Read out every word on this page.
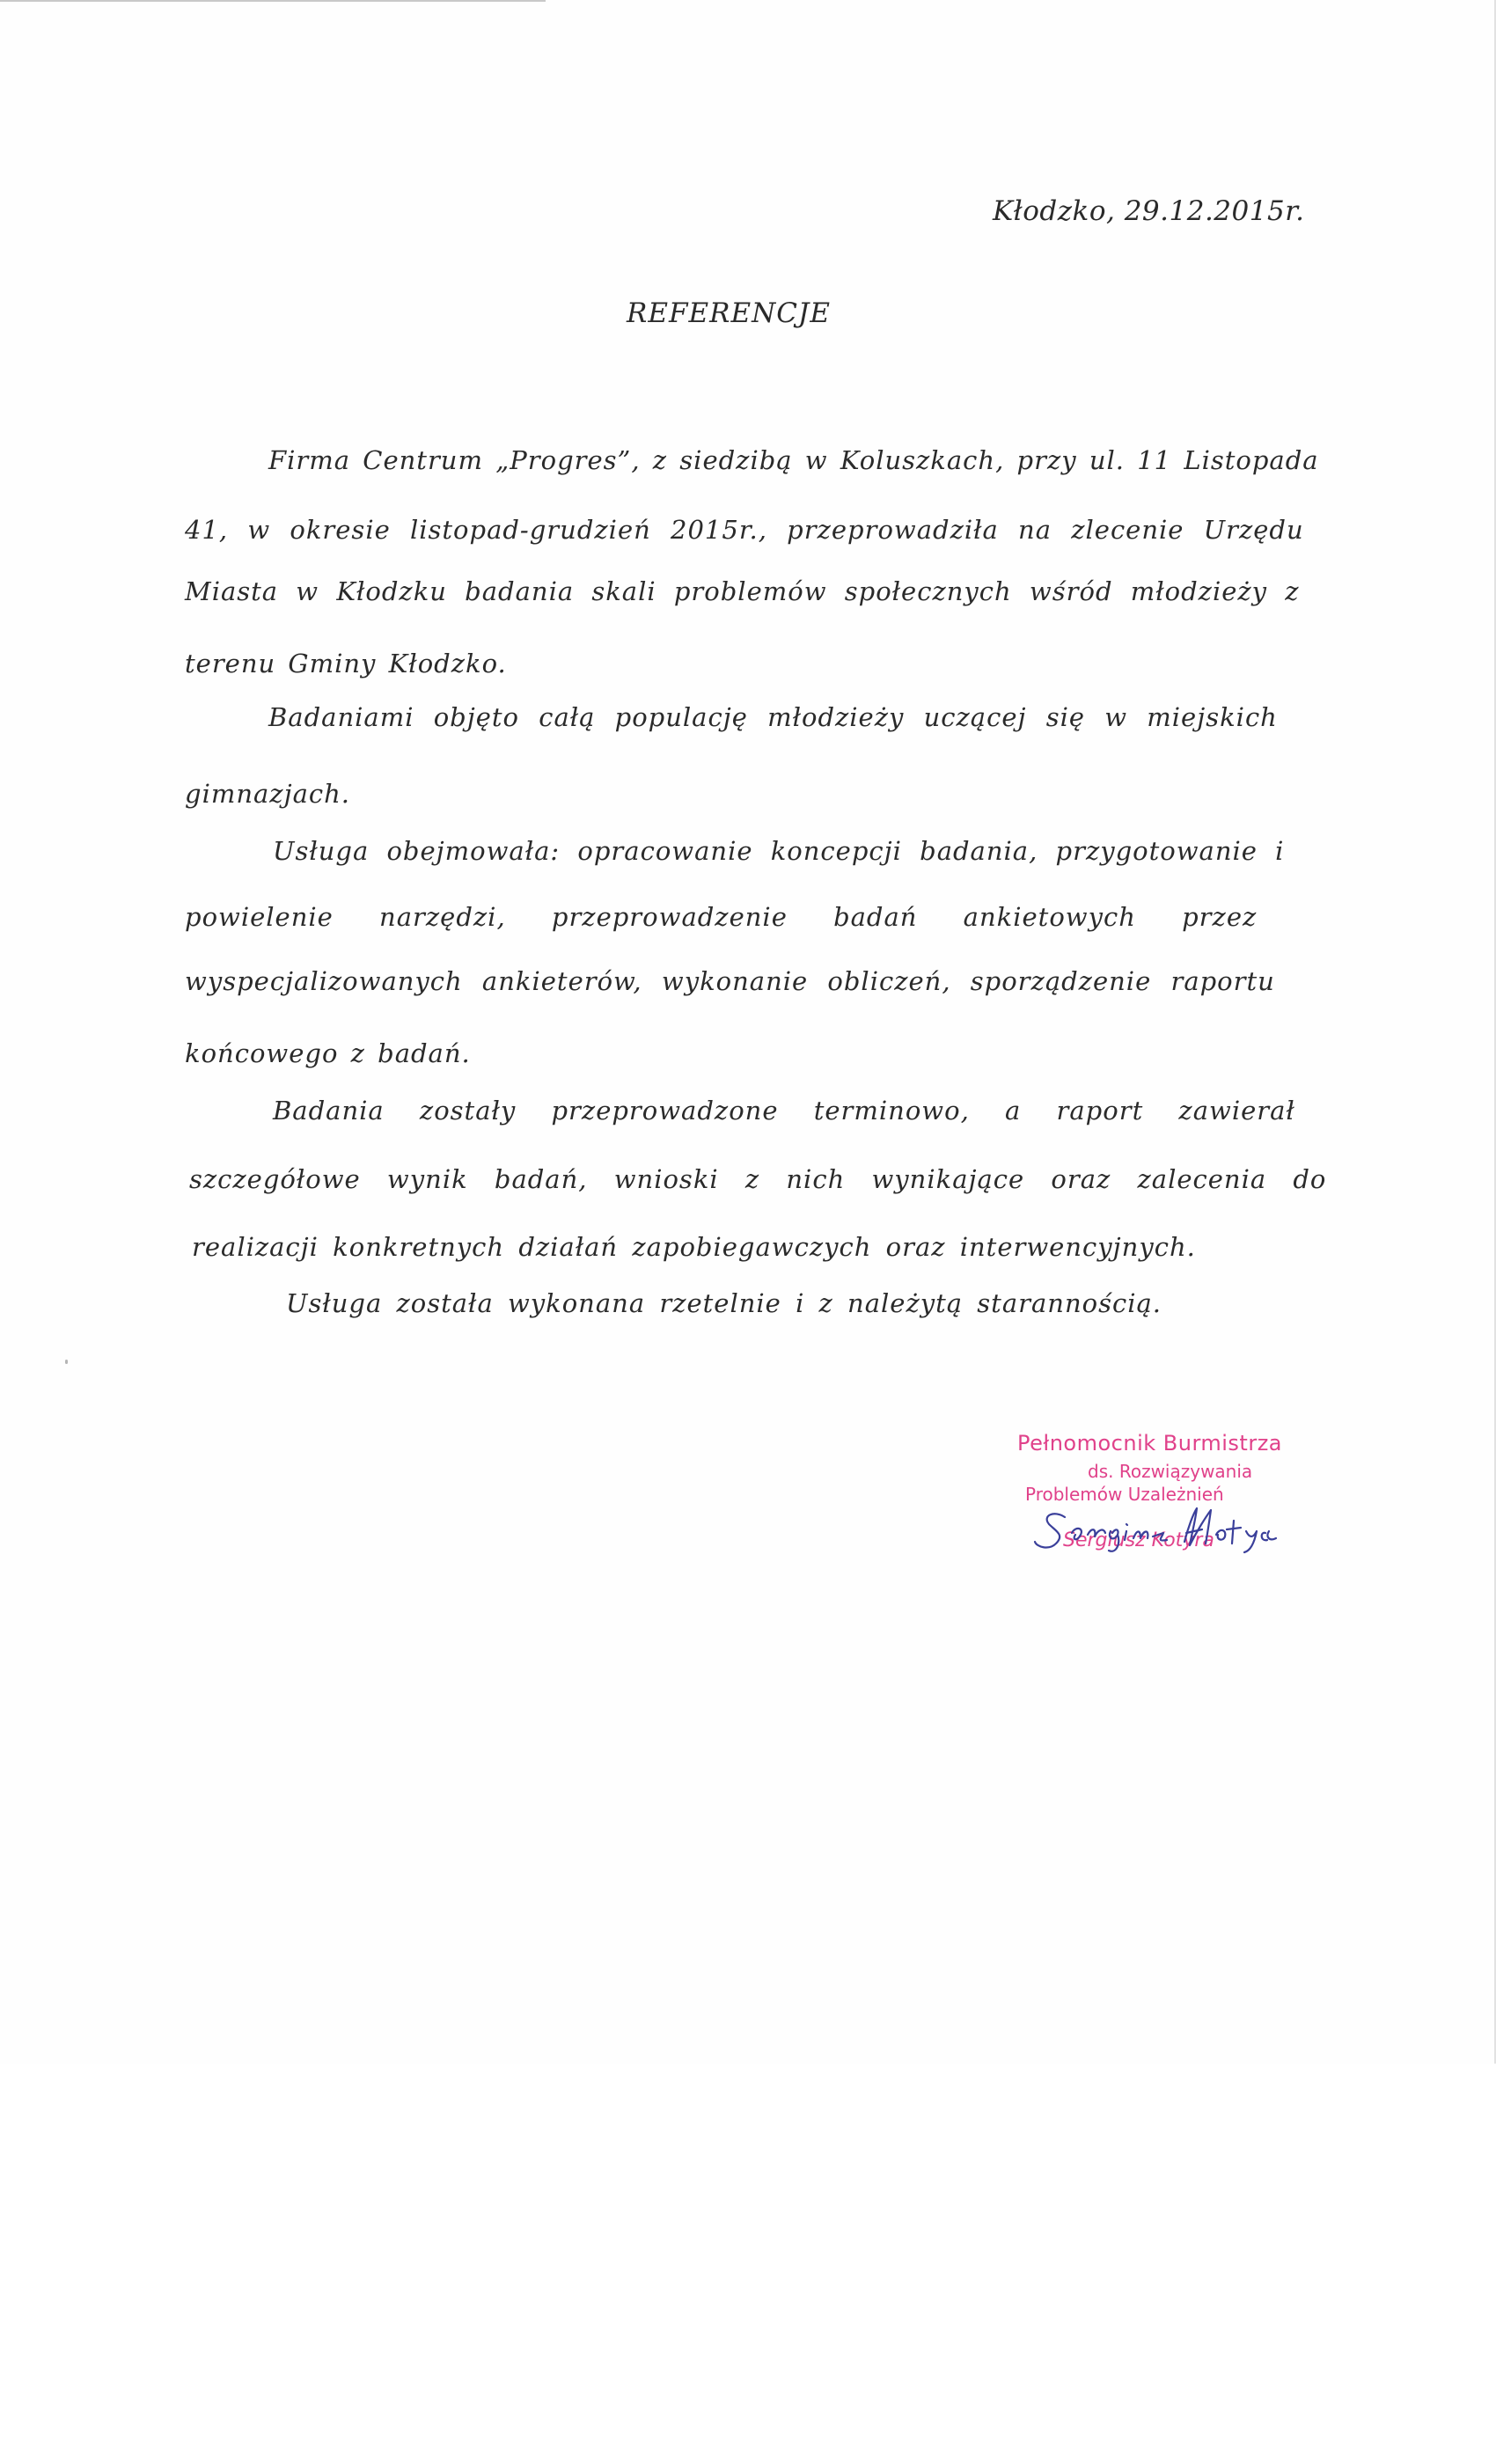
Kłodzko, 29.12.2015r.
REFERENCJE
Firma Centrum „Progres”, z siedzibą w Koluszkach, przy ul. 11 Listopada
41, w okresie listopad-grudzień 2015r., przeprowadziła na zlecenie Urzędu
Miasta w Kłodzku badania skali problemów społecznych wśród młodzieży z
terenu Gminy Kłodzko.
Badaniami objęto całą populację młodzieży uczącej się w miejskich
gimnazjach.
Usługa obejmowała: opracowanie koncepcji badania, przygotowanie i
powielenie narzędzi, przeprowadzenie badań ankietowych przez
wyspecjalizowanych ankieterów, wykonanie obliczeń, sporządzenie raportu
końcowego z badań.
Badania zostały przeprowadzone terminowo, a raport zawierał
szczegółowe wynik badań, wnioski z nich wynikające oraz zalecenia do
realizacji konkretnych działań zapobiegawczych oraz interwencyjnych.
Usługa została wykonana rzetelnie i z należytą starannością.
Pełnomocnik Burmistrza
ds. Rozwiązywania
Problemów Uzależnień
Sergiusz Kotyra
